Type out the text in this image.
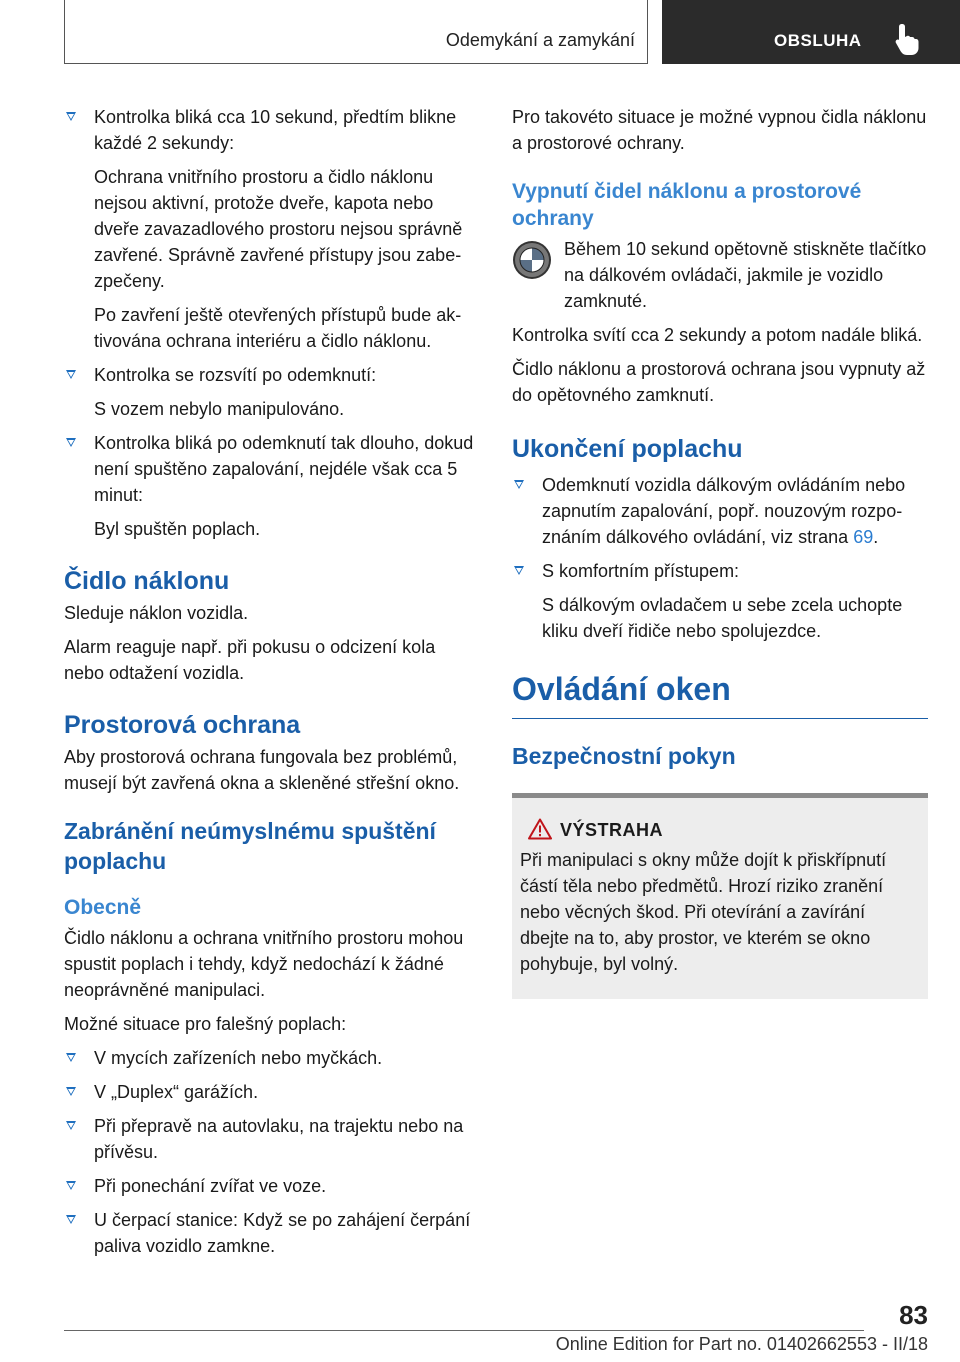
Odemykání a zamykání	OBSLUHA

Kontrolka bliká cca 10 sekund, předtím blikne každé 2 sekundy:

Ochrana vnitřního prostoru a čidlo náklonu nejsou aktivní, protože dveře, kapota nebo dveře zavazadlového prostoru nejsou správně zavřené. Správně zavřené přístupy jsou zabezpečeny.

Po zavření ještě otevřených přístupů bude aktivována ochrana interiéru a čidlo náklonu.

Kontrolka se rozsvítí po odemknutí:

S vozem nebylo manipulováno.

Kontrolka bliká po odemknutí tak dlouho, dokud není spuštěno zapalování, nejdéle však cca 5 minut:

Byl spuštěn poplach.

Čidlo náklonu

Sleduje náklon vozidla.

Alarm reaguje např. při pokusu o odcizení kola nebo odtažení vozidla.

Prostorová ochrana

Aby prostorová ochrana fungovala bez problémů, musejí být zavřená okna a skleněné střešní okno.

Zabránění neúmyslnému spuštění poplachu
Obecně

Čidlo náklonu a ochrana vnitřního prostoru mohou spustit poplach i tehdy, když nedochází k žádné neoprávněné manipulaci.

Možné situace pro falešný poplach:

V mycích zařízeních nebo myčkách.

V „Duplex“ garážích.

Při přepravě na autovlaku, na trajektu nebo na přívěsu.

Při ponechání zvířat ve voze.

U čerpací stanice: Když se po zahájení čerpání paliva vozidlo zamkne.

Pro takovéto situace je možné vypnou čidla náklonu a prostorové ochrany.

Vypnutí čidel náklonu a prostorové ochrany

Během 10 sekund opětovně stiskněte tlačítko na dálkovém ovládači, jakmile je vozidlo zamknuté.

Kontrolka svítí cca 2 sekundy a potom nadále bliká.

Čidlo náklonu a prostorová ochrana jsou vypnuty až do opětovného zamknutí.

Ukončení poplachu

Odemknutí vozidla dálkovým ovládáním nebo zapnutím zapalování, popř. nouzovým rozpoznáním dálkového ovládání, viz strana 69.

S komfortním přístupem:

S dálkovým ovladačem u sebe zcela uchopte kliku dveří řidiče nebo spolujezdce.

Ovládání oken
Bezpečnostní pokyn
VÝSTRAHA

Při manipulaci s okny může dojít k přiskřípnutí částí těla nebo předmětů. Hrozí riziko zranění nebo věcných škod. Při otevírání a zavírání dbejte na to, aby prostor, ve kterém se okno pohybuje, byl volný.

83
Online Edition for Part no. 01402662553 - II/18
